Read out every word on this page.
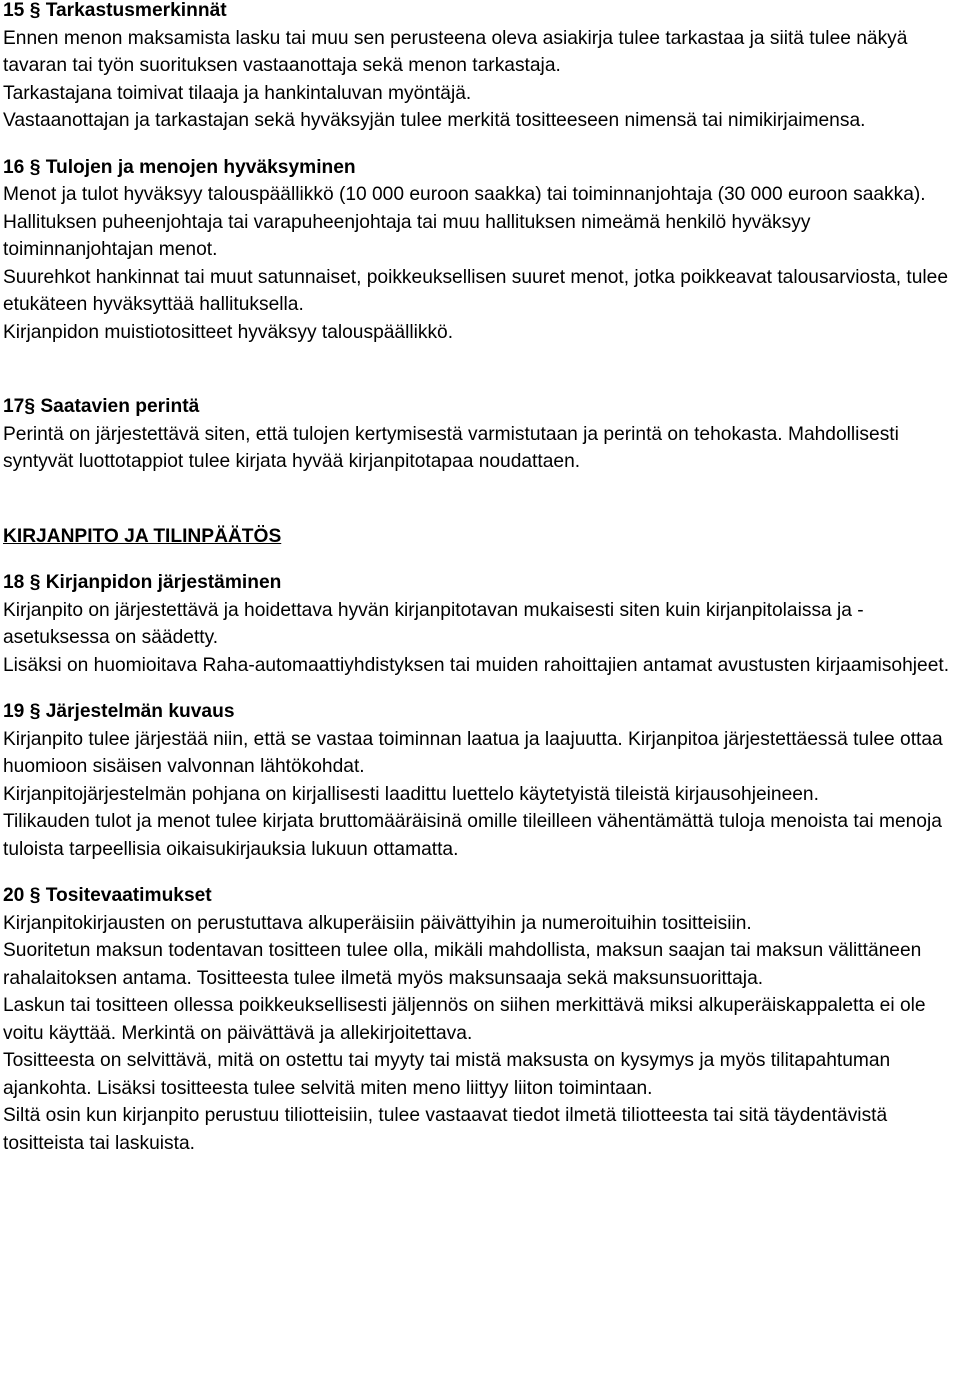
15 § Tarkastusmerkinnät

Ennen menon maksamista lasku tai muu sen perusteena oleva asiakirja tulee tarkastaa ja siitä tulee näkyä tavaran tai työn suorituksen vastaanottaja sekä menon tarkastaja.

Tarkastajana toimivat tilaaja ja hankintaluvan myöntäjä.

Vastaanottajan ja tarkastajan sekä hyväksyjän tulee merkitä tositteeseen nimensä tai nimikirjaimensa.

16 § Tulojen ja menojen hyväksyminen

Menot ja tulot hyväksyy talouspäällikkö (10 000 euroon saakka) tai toiminnanjohtaja (30 000 euroon saakka). Hallituksen puheenjohtaja tai varapuheenjohtaja tai muu hallituksen nimeämä henkilö hyväksyy toiminnanjohtajan menot.

Suurehkot hankinnat tai muut satunnaiset, poikkeuksellisen suuret menot, jotka poikkeavat talousarviosta, tulee etukäteen hyväksyttää hallituksella.

Kirjanpidon muistiotositteet hyväksyy talouspäällikkö.

17§ Saatavien perintä

Perintä on järjestettävä siten, että tulojen kertymisestä varmistutaan ja perintä on tehokasta. Mahdollisesti syntyvät luottotappiot tulee kirjata hyvää kirjanpitotapaa noudattaen.

KIRJANPITO JA TILINPÄÄTÖS

18 § Kirjanpidon järjestäminen

Kirjanpito on järjestettävä ja hoidettava hyvän kirjanpitotavan mukaisesti siten kuin kirjanpitolaissa ja -asetuksessa on säädetty.

Lisäksi on huomioitava Raha-automaattiyhdistyksen tai muiden rahoittajien antamat avustusten kirjaamisohjeet.

19 § Järjestelmän kuvaus

Kirjanpito tulee järjestää niin, että se vastaa toiminnan laatua ja laajuutta. Kirjanpitoa järjestettäessä tulee ottaa huomioon sisäisen valvonnan lähtökohdat.

Kirjanpitojärjestelmän pohjana on kirjallisesti laadittu luettelo käytetyistä tileistä kirjausohjeineen.

Tilikauden tulot ja menot tulee kirjata bruttomääräisinä omille tileilleen vähentämättä tuloja menoista tai menoja tuloista tarpeellisia oikaisukirjauksia lukuun ottamatta.

20 § Tositevaatimukset

Kirjanpitokirjausten on perustuttava alkuperäisiin päivättyihin ja numeroituihin tositteisiin.

Suoritetun maksun todentavan tositteen tulee olla, mikäli mahdollista, maksun saajan tai maksun välittäneen rahalaitoksen antama. Tositteesta tulee ilmetä myös maksunsaaja sekä maksunsuorittaja.

Laskun tai tositteen ollessa poikkeuksellisesti jäljennös on siihen merkittävä miksi alkuperäiskappaletta ei ole voitu käyttää. Merkintä on päivättävä ja allekirjoitettava.

Tositteesta on selvittävä, mitä on ostettu tai myyty tai mistä maksusta on kysymys ja myös tilitapahtuman ajankohta. Lisäksi tositteesta tulee selvitä miten meno liittyy liiton toimintaan.

Siltä osin kun kirjanpito perustuu tiliotteisiin, tulee vastaavat tiedot ilmetä tiliotteesta tai sitä täydentävistä tositteista tai laskuista.
